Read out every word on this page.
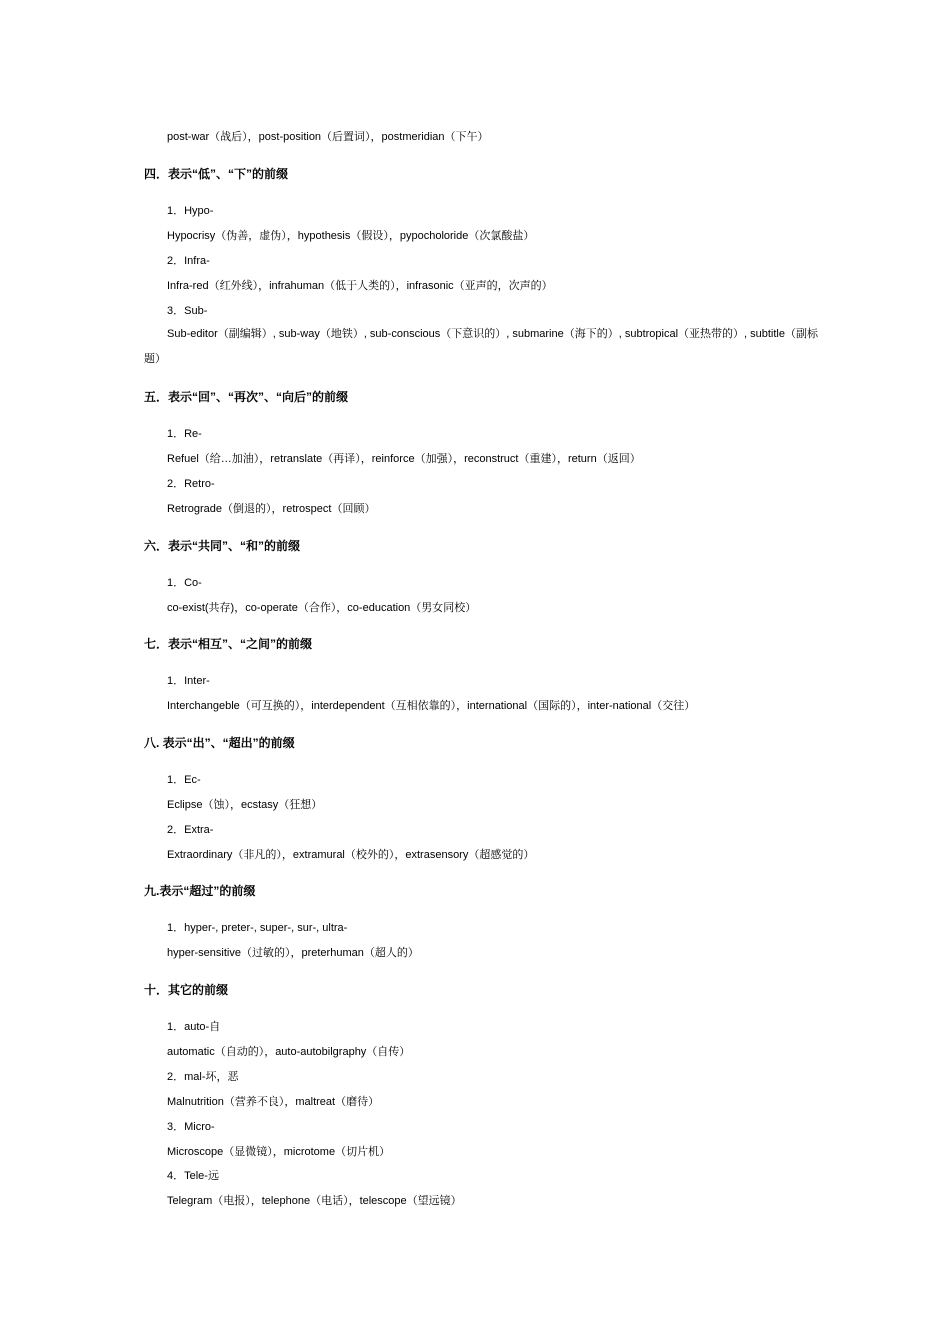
post-war（战后），post-position（后置词），postmeridian（下午）
四．表示“低”、“下”的前缀
1．Hypo-
Hypocrisy（伪善，虚伪），hypothesis（假设），pypocholoride（次氯酸盐）
2．Infra-
Infra-red（红外线），infrahuman（低于人类的），infrasonic（亚声的，次声的）
3．Sub-
Sub-editor（副编辑）, sub-way（地铁）, sub-conscious（下意识的）, submarine（海下的）, subtropical（亚热带的）, subtitle（副标题）
五．表示“回”、“再次”、“向后”的前缀
1．Re-
Refuel（给…加油），retranslate（再译），reinforce（加强），reconstruct（重建），return（返回）
2．Retro-
Retrograde（倒退的），retrospect（回顾）
六．表示“共同”、“和”的前缀
1．Co-
co-exist(共存)，co-operate（合作），co-education（男女同校）
七．表示“相互”、“之间”的前缀
1．Inter-
Interchangeble（可互换的），interdependent（互相依靠的），international（国际的），inter-national（交往）
八. 表示“出”、“超出”的前缀
1．Ec-
Eclipse（蚀），ecstasy（狂想）
2．Extra-
Extraordinary（非凡的），extramural（校外的），extrasensory（超感觉的）
九.表示“超过”的前缀
1．hyper-, preter-, super-, sur-, ultra-
hyper-sensitive（过敏的），preterhuman（超人的）
十．其它的前缀
1．auto-自
automatic（自动的），auto-autobilgraphy（自传）
2．mal-坏，恶
Malnutrition（营养不良），maltreat（磨待）
3．Micro-
Microscope（显微镜），microtome（切片机）
4．Tele-远
Telegram（电报），telephone（电话），telescope（望远镜）
